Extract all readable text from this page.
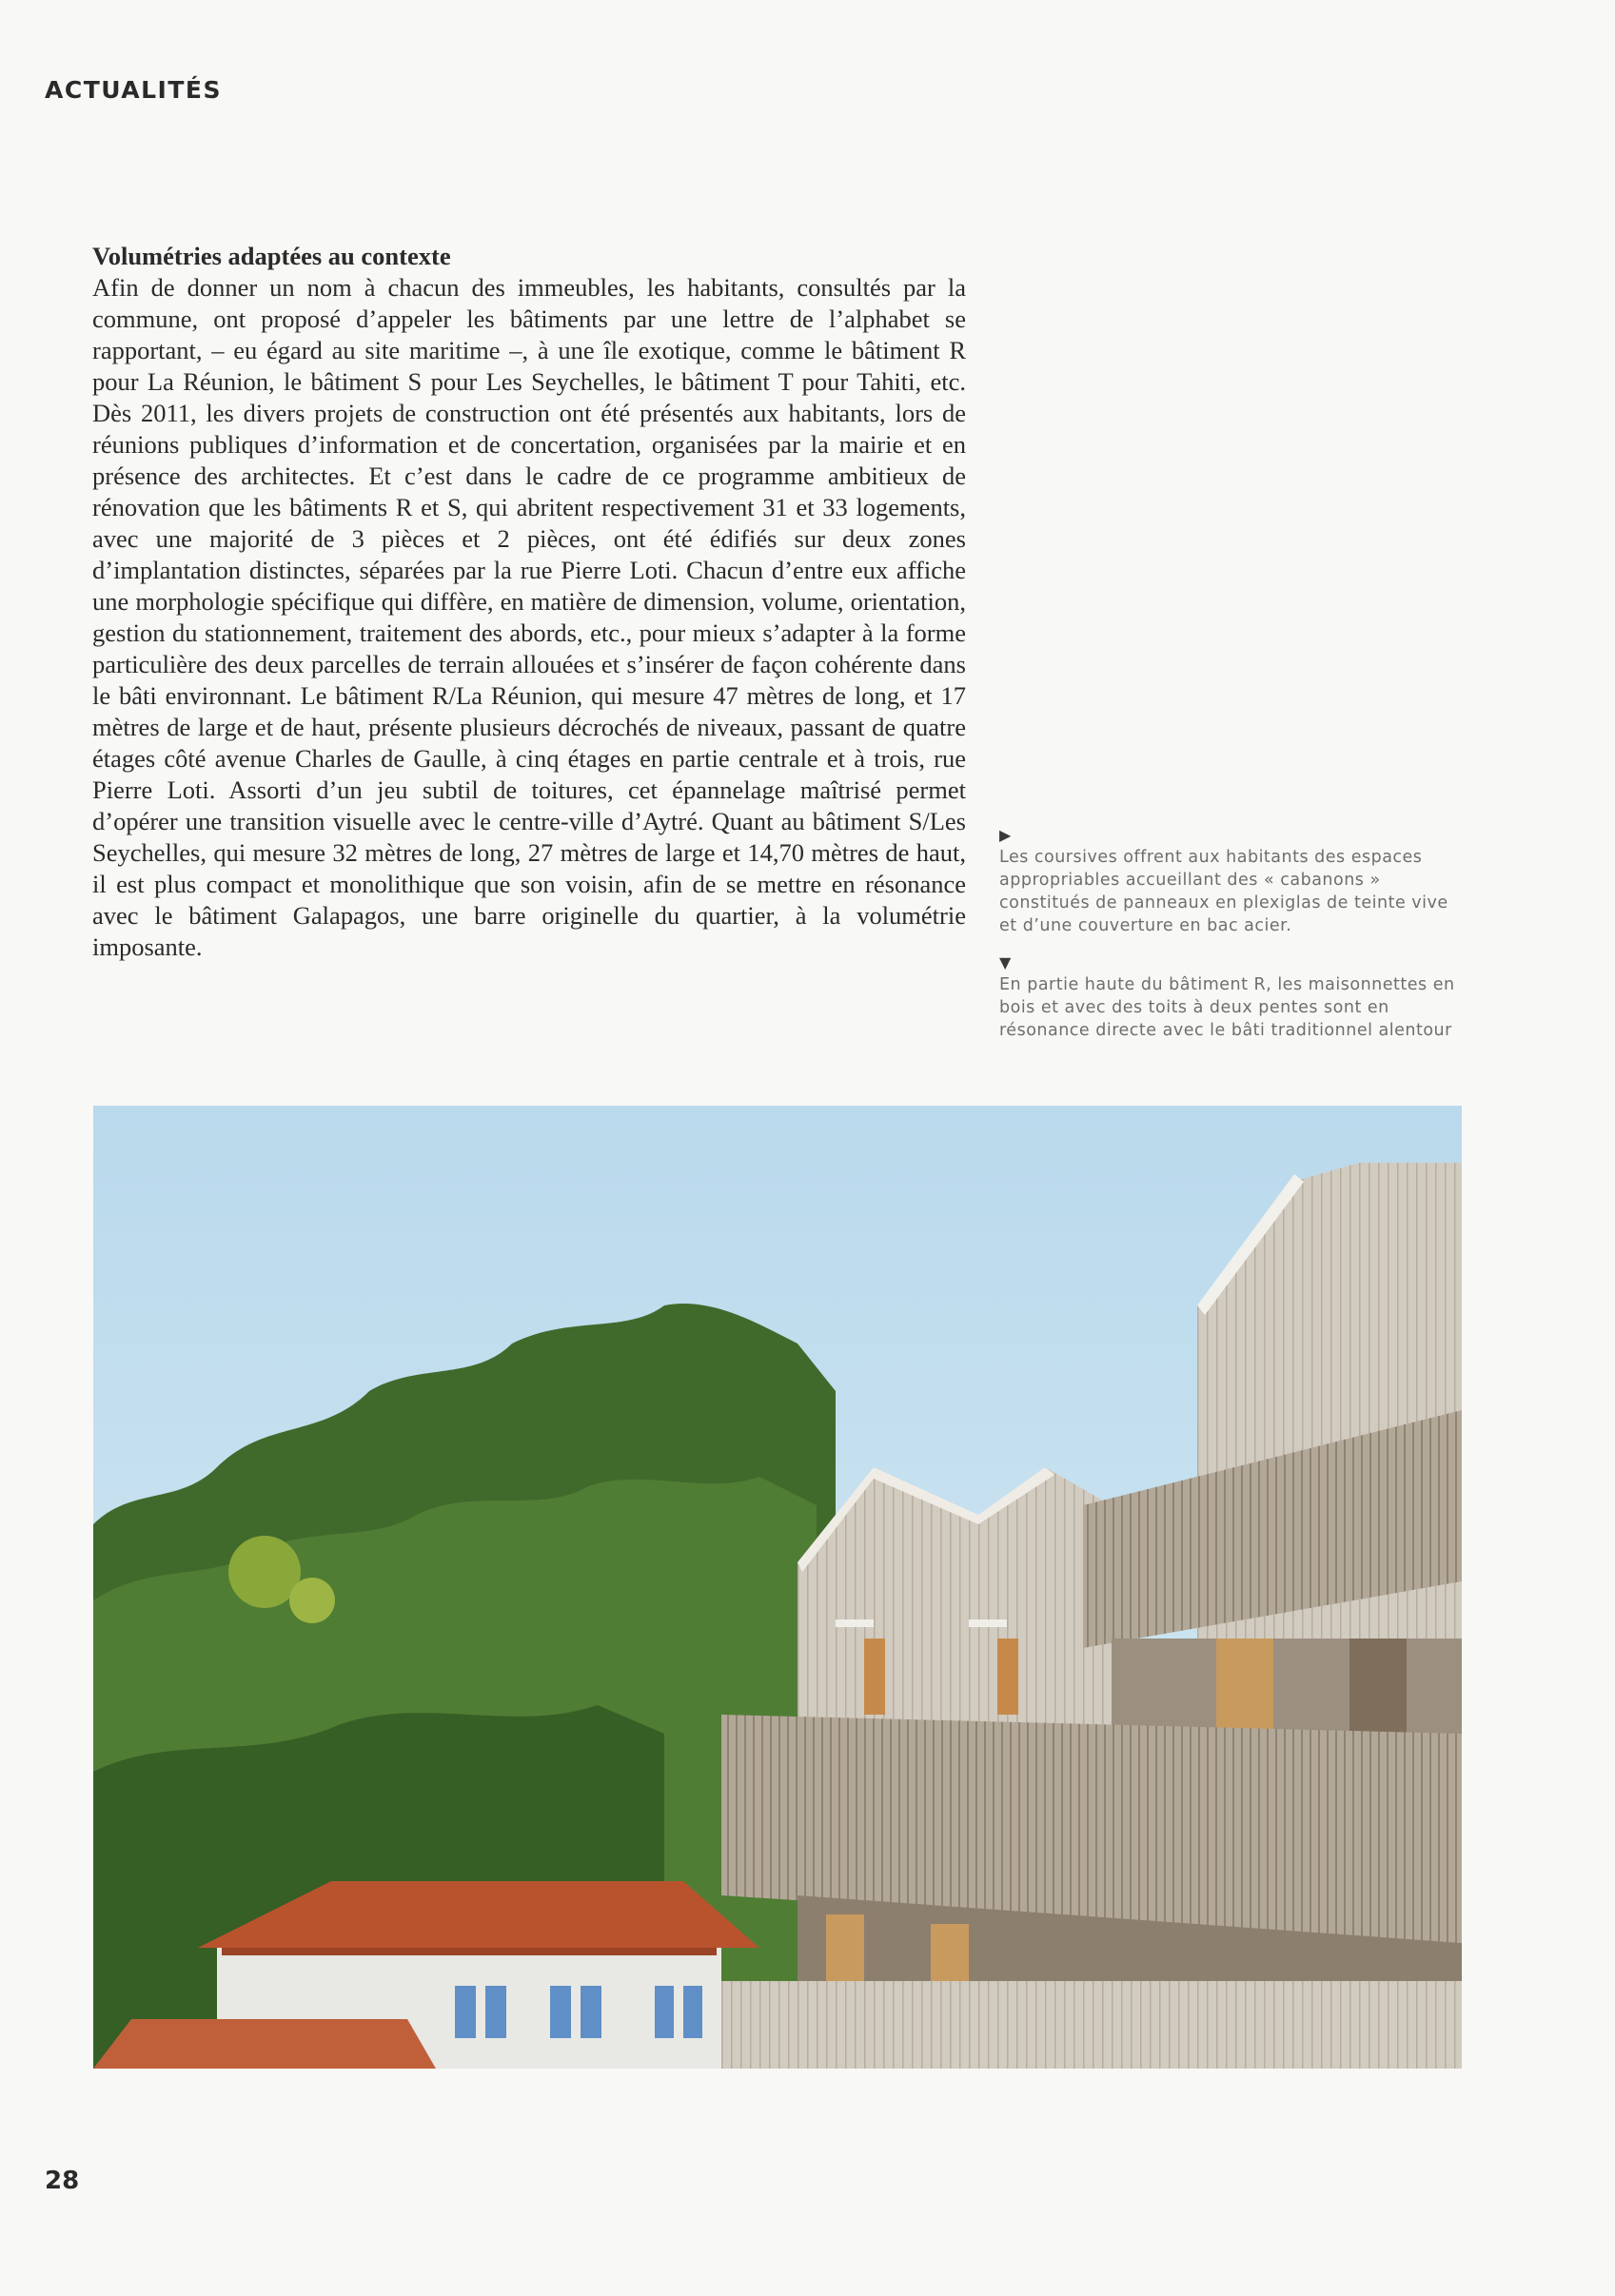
ACTUALITÉS
Volumétries adaptées au contexte

Afin de donner un nom à chacun des immeubles, les habitants, consultés par la commune, ont proposé d’appeler les bâtiments par une lettre de l’alphabet se rapportant, – eu égard au site maritime –, à une île exotique, comme le bâtiment R pour La Réunion, le bâtiment S pour Les Seychelles, le bâtiment T pour Tahiti, etc. Dès 2011, les divers projets de construction ont été présentés aux habitants, lors de réunions publiques d’information et de concertation, organisées par la mairie et en présence des architectes. Et c’est dans le cadre de ce programme ambitieux de rénovation que les bâtiments R et S, qui abritent respectivement 31 et 33 logements, avec une majorité de 3 pièces et 2 pièces, ont été édifiés sur deux zones d’implantation distinctes, séparées par la rue Pierre Loti. Chacun d’entre eux affiche une morphologie spécifique qui diffère, en matière de dimension, volume, orientation, gestion du stationnement, traitement des abords, etc., pour mieux s’adapter à la forme particulière des deux parcelles de terrain allouées et s’insérer de façon cohérente dans le bâti environnant. Le bâtiment R/La Réunion, qui mesure 47 mètres de long, et 17 mètres de large et de haut, présente plusieurs décrochés de niveaux, passant de quatre étages côté avenue Charles de Gaulle, à cinq étages en partie centrale et à trois, rue Pierre Loti. Assorti d’un jeu subtil de toitures, cet épannelage maîtrisé permet d’opérer une transition visuelle avec le centre-ville d’Aytré. Quant au bâtiment S/Les Seychelles, qui mesure 32 mètres de long, 27 mètres de large et 14,70 mètres de haut, il est plus compact et monolithique que son voisin, afin de se mettre en résonance avec le bâtiment Galapagos, une barre originelle du quartier, à la volumétrie imposante.

▶

Les coursives offrent aux habitants des espaces appropriables accueillant des « cabanons » constitués de panneaux en plexiglas de teinte vive et d’une couverture en bac acier.

▼

En partie haute du bâtiment R, les maisonnettes en bois et avec des toits à deux pentes sont en résonance directe avec le bâti traditionnel alentour

28
